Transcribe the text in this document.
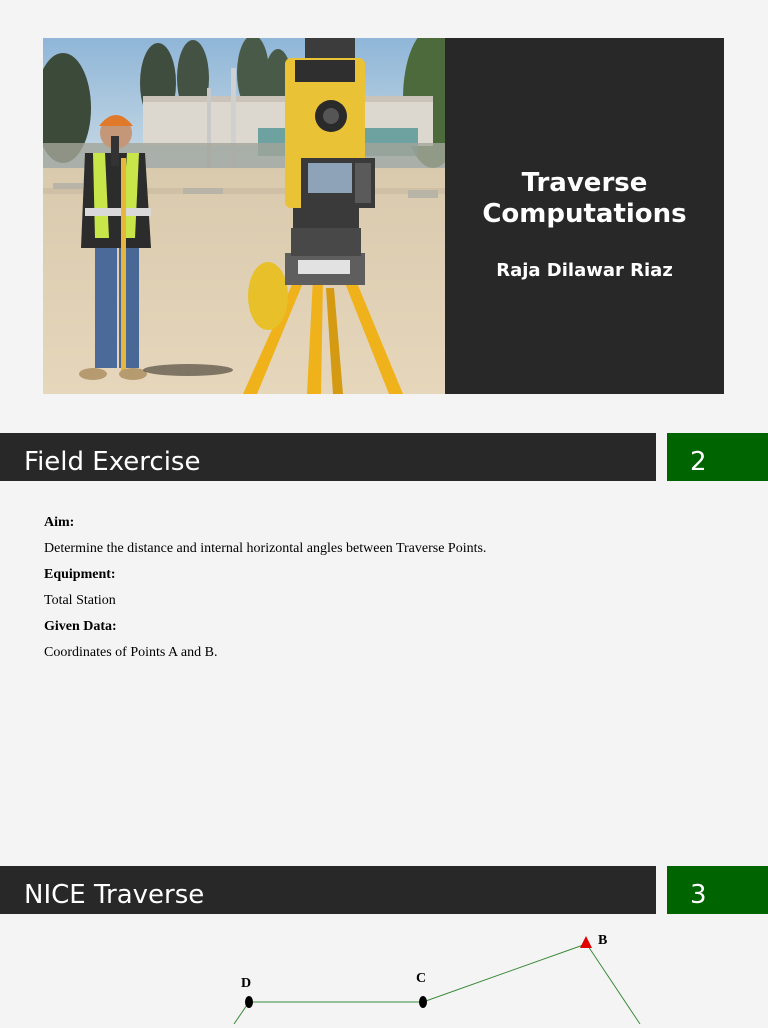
Traverse
Computations

Raja Dilawar Riaz

Field Exercise	2
Aim:
Determine the distance and internal horizontal angles between Traverse Points.
Equipment:
Total Station
Given Data:
Coordinates of Points A and B.
NICE Traverse	3
B
C
D
